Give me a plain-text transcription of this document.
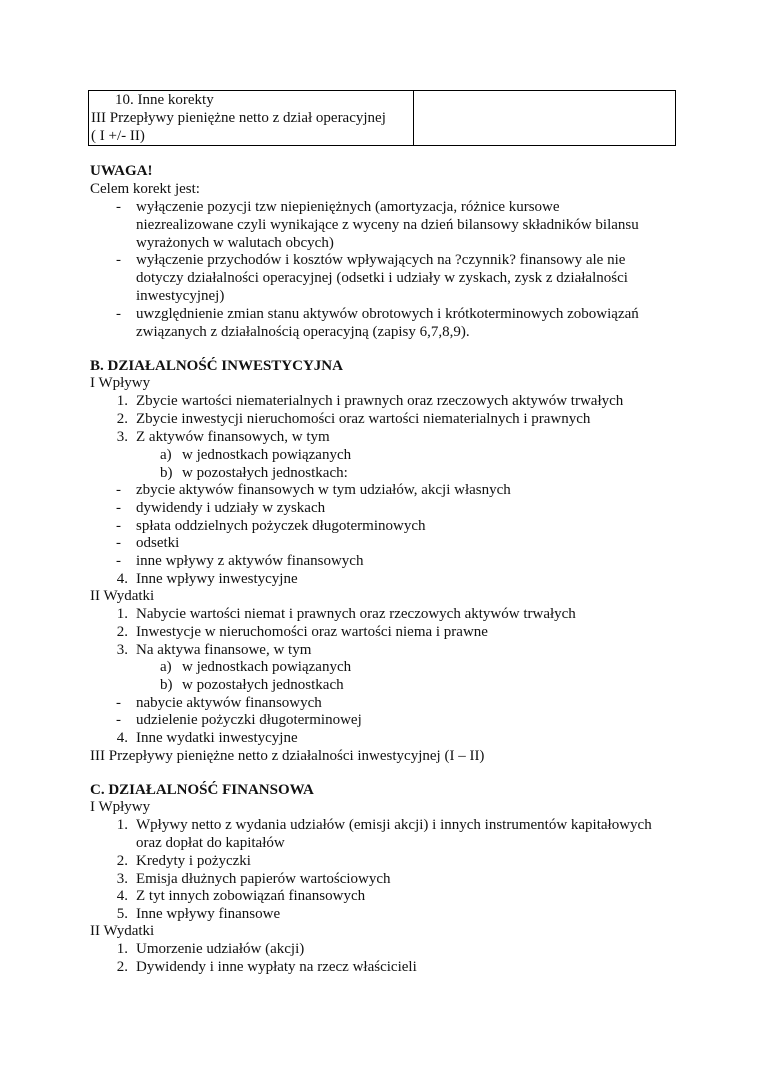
10. Inne korekty
III Przepływy pieniężne netto z dział operacyjnej
( I +/- II)

UWAGA!
Celem korekt jest:
- wyłączenie pozycji tzw niepieniężnych (amortyzacja, różnice kursowe
niezrealizowane czyli wynikające z wyceny na dzień bilansowy składników bilansu
wyrażonych w walutach obcych)
- wyłączenie przychodów i kosztów wpływających na ?czynnik? finansowy ale nie
dotyczy działalności operacyjnej (odsetki i udziały w zyskach, zysk z działalności
inwestycyjnej)
- uwzględnienie zmian stanu aktywów obrotowych i krótkoterminowych zobowiązań
związanych z działalnością operacyjną (zapisy 6,7,8,9).
B. DZIAŁALNOŚĆ INWESTYCYJNA
I Wpływy
1. Zbycie wartości niematerialnych i prawnych oraz rzeczowych aktywów trwałych
2. Zbycie inwestycji nieruchomości oraz wartości niematerialnych i prawnych
3. Z aktywów finansowych, w tym
a) w jednostkach powiązanych
b) w pozostałych jednostkach:
- zbycie aktywów finansowych w tym udziałów, akcji własnych
- dywidendy i udziały w zyskach
- spłata oddzielnych pożyczek długoterminowych
- odsetki
- inne wpływy z aktywów finansowych
4. Inne wpływy inwestycyjne
II Wydatki
1. Nabycie wartości niemat i prawnych oraz rzeczowych aktywów trwałych
2. Inwestycje w nieruchomości oraz wartości niema i prawne
3. Na aktywa finansowe, w tym
a) w jednostkach powiązanych
b) w pozostałych jednostkach
- nabycie aktywów finansowych
- udzielenie pożyczki długoterminowej
4. Inne wydatki inwestycyjne
III Przepływy pieniężne netto z działalności inwestycyjnej (I – II)
C. DZIAŁALNOŚĆ FINANSOWA
I Wpływy
1. Wpływy netto z wydania udziałów (emisji akcji) i innych instrumentów kapitałowych
oraz dopłat do kapitałów
2. Kredyty i pożyczki
3. Emisja dłużnych papierów wartościowych
4. Z tyt innych zobowiązań finansowych
5. Inne wpływy finansowe
II Wydatki
1. Umorzenie udziałów (akcji)
2. Dywidendy i inne wypłaty na rzecz właścicieli
